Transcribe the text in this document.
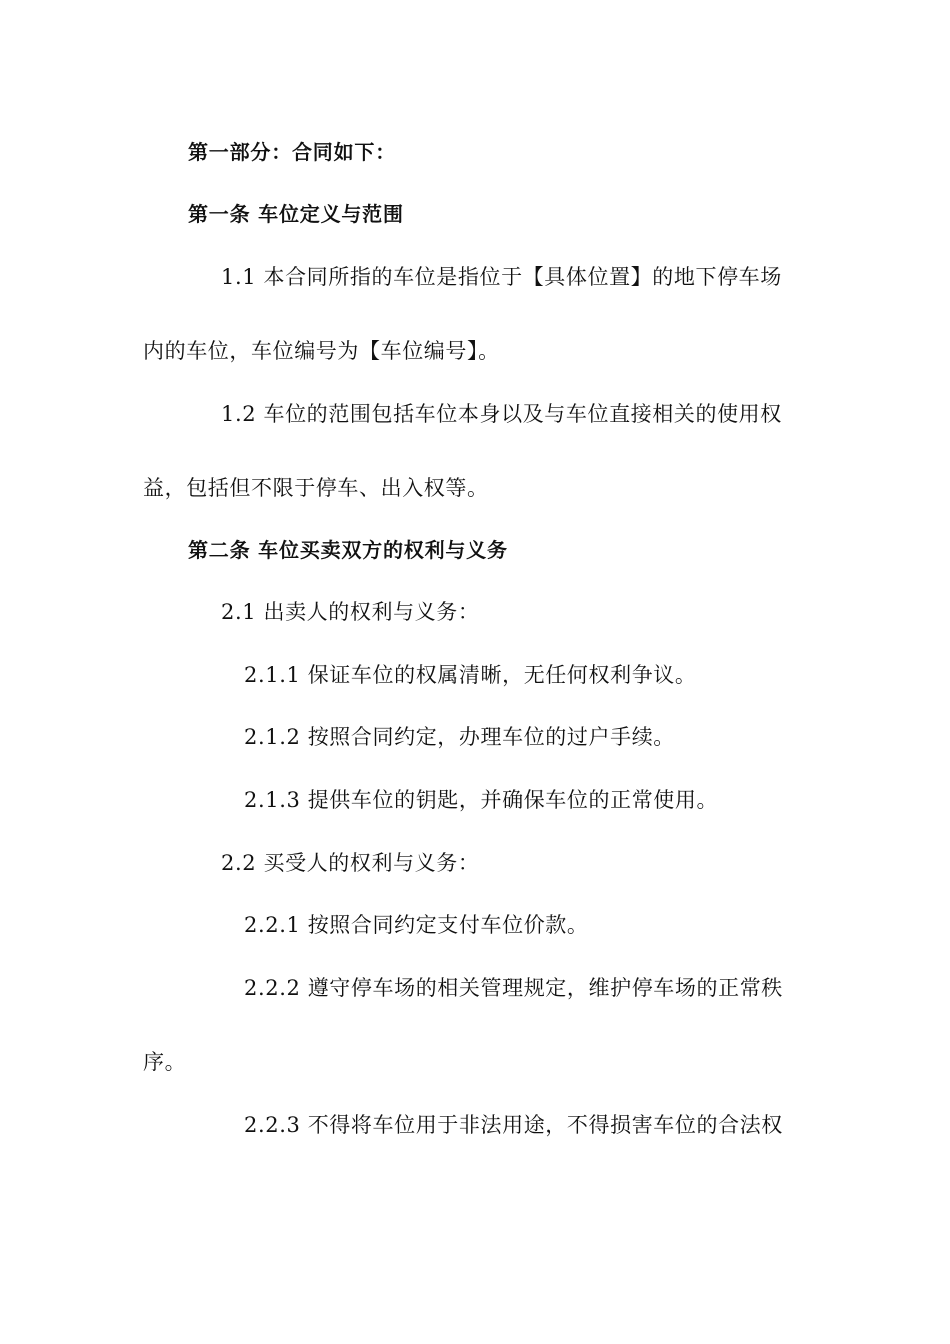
第一部分：合同如下：
第一条 车位定义与范围
1.1 本合同所指的车位是指位于【具体位置】的地下停车场
内的车位，车位编号为【车位编号】。
1.2 车位的范围包括车位本身以及与车位直接相关的使用权
益，包括但不限于停车、出入权等。
第二条 车位买卖双方的权利与义务
2.1 出卖人的权利与义务：
2.1.1 保证车位的权属清晰，无任何权利争议。
2.1.2 按照合同约定，办理车位的过户手续。
2.1.3 提供车位的钥匙，并确保车位的正常使用。
2.2 买受人的权利与义务：
2.2.1 按照合同约定支付车位价款。
2.2.2 遵守停车场的相关管理规定，维护停车场的正常秩
序。
2.2.3 不得将车位用于非法用途，不得损害车位的合法权
